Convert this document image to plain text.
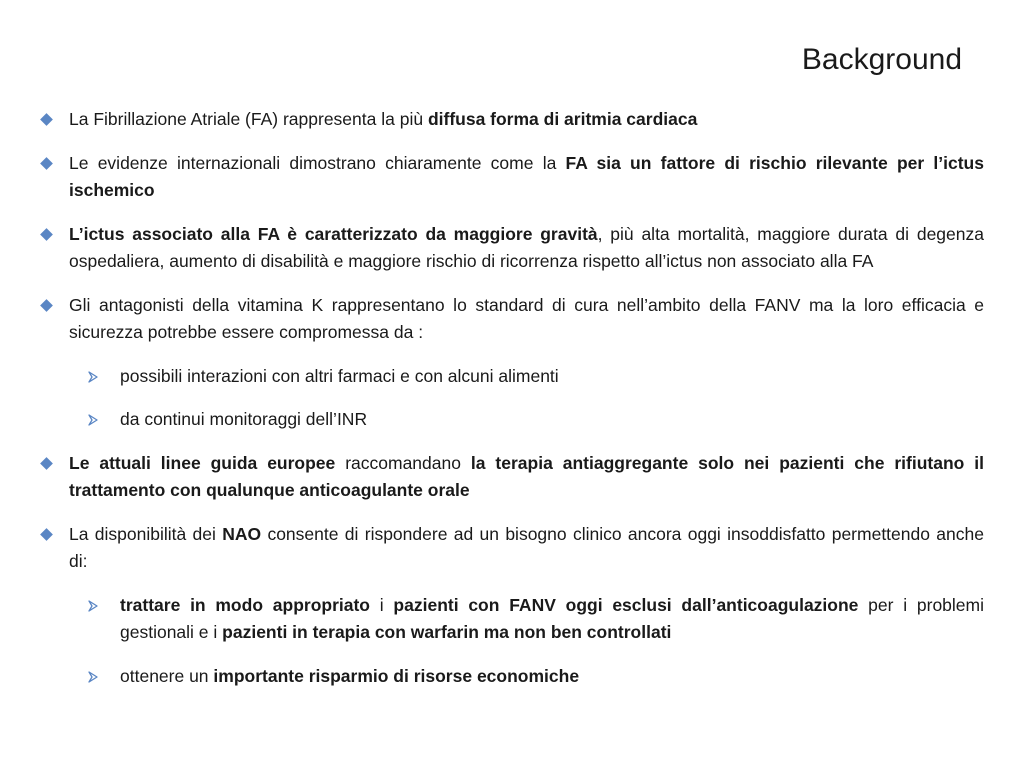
Background
La Fibrillazione Atriale (FA) rappresenta la più diffusa forma di aritmia cardiaca
Le evidenze internazionali dimostrano chiaramente come la FA sia un fattore di rischio rilevante per l’ictus ischemico
L’ictus associato alla FA è caratterizzato da maggiore gravità, più alta mortalità, maggiore durata di degenza ospedaliera, aumento di disabilità e maggiore rischio di ricorrenza rispetto all’ictus non associato alla FA
Gli antagonisti della vitamina K rappresentano lo standard di cura nell’ambito della FANV ma la loro efficacia e sicurezza potrebbe essere compromessa da :
possibili interazioni con altri farmaci e con alcuni alimenti
da continui monitoraggi dell’INR
Le attuali linee guida europee raccomandano la terapia antiaggregante solo nei pazienti che rifiutano il trattamento con qualunque anticoagulante orale
La disponibilità dei NAO consente di rispondere ad un bisogno clinico ancora oggi insoddisfatto permettendo anche di:
trattare in modo appropriato i pazienti con FANV oggi esclusi dall’anticoagulazione per i problemi gestionali e i pazienti in terapia con warfarin ma non ben controllati
ottenere un importante risparmio di risorse economiche
